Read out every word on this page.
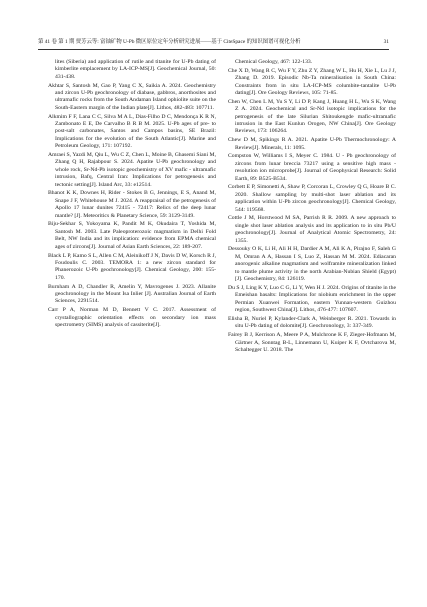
第 41 卷 第 1 期 贾芳云等: 富铀矿物 U-Pb 微区原位定年分析研究进展——基于 CiteSpace 的知识图谱可视化分析	31

lites (Siberia) and application of rutile and titanite for U-Pb dating of kimberlite emplacement by LA-ICP-MS[J]. Geochemical Journal, 50: 431-438.

Akhtar S, Santosh M, Gao P, Yang C X, Saikia A. 2024. Geochemistry and zircon U-Pb geochronology of diabase, gabbros, anorthosites and ultramafic rocks from the South Andaman Island ophiolite suite on the South-Eastern margin of the Indian plate[J]. Lithos, 482-483: 107711.

Alkmim F F, Lana C C, Silva M A L, Dias-Filho D C, Mendonça K R N, Zambonato E E, De Carvalho B R B M. 2025. U-Pb ages of pre- to post-salt carbonates, Santos and Campos basins, SE Brazil: Implications for the evolution of the South Atlantic[J]. Marine and Petroleum Geology, 171: 107192.

Amraei S, Yazdi M, Qiu L, Wu C Z, Chen L, Moine B, Ghasemi Siani M, Zhang Q H, Rajabpour S. 2024. Apatite U-Pb geochronology and whole rock, Sr-Nd-Pb isotopic geochemistry of XV mafic - ultramafic intrusion, Bafq, Central Iran: Implications for petrogenesis and tectonic setting[J]. Island Arc, 33: e12514.

Bhanot K K, Downes H, Rider - Stokes B G, Jennings, E S, Anand M, Snape J F, Whitehouse M J. 2024. A reappraisal of the petrogenesis of Apollo 17 lunar dunites 72415 - 72417: Relics of the deep lunar mantle? [J]. Meteoritics & Planetary Science, 59: 3129-3149.

Biju-Sekhar S, Yokoyama K, Pandit M K, Okudaira T, Yoshida M, Santosh M. 2003. Late Paleoproterozoic magmatism in Delhi Fold Belt, NW India and its implication: evidence from EPMA chemical ages of zircons[J]. Journal of Asian Earth Sciences, 22: 189-207.

Black L P, Kamo S L, Allen C M, Aleinikoff J N, Davis D W, Korsch R J, Foudoulis C. 2003. TEMORA 1: a new zircon standard for Phanerozoic U-Pb geochronology[J]. Chemical Geology, 200: 155-170.

Burnham A D, Chandler R, Amelin Y, Mavrogenes J. 2023. Allanite geochronology in the Mount Isa Inlier [J]. Australian Journal of Earth Sciences, 2291514.

Carr P A, Norman M D, Bennett V C. 2017. Assessment of crystallographic orientation effects on secondary ion mass spectrometry (SIMS) analysis of cassiterite[J].

Chemical Geology, 467: 122-133.

Che X D, Wang R C, Wu F Y, Zhu Z Y, Zhang W L, Hu H, Xie L, Lu J J, Zhang D. 2019. Episodic Nb-Ta mineralisation in South China: Constraints from in situ LA-ICP-MS columbite-tantalite U-Pb dating[J]. Ore Geology Reviews, 105: 71-85.

Chen W, Chen L M, Yu S Y, Li D P, Kang J, Huang H L, Wu S K, Wang Z A. 2024. Geochemical and Sr-Nd isotopic implications for the petrogenesis of the late Silurian Shitoukengde mafic-ultramafic intrusion in the East Kunlun Orogen, NW China[J]. Ore Geology Reviews, 173: 106264.

Chew D M, Spikings R A. 2021. Apatite U-Pb Thermochronology: A Review[J]. Minerals, 11: 1095.

Compston W, Williams I S, Meyer C. 1984. U - Pb geochronology of zircons from lunar breccia 73217 using a sensitive high mass - resolution ion microprobe[J]. Journal of Geophysical Research: Solid Earth, 89: B525-B534.

Corbett E P, Simonetti A, Shaw P, Corcoran L, Crowley Q G, Hoare B C. 2020. Shallow sampling by multi-shot laser ablation and its application within U-Pb zircon geochronology[J]. Chemical Geology, 544: 119568.

Cottle J M, Horstwood M SA, Parrish R R. 2009. A new approach to single shot laser ablation analysis and its application to in situ Pb/U geochronology[J]. Journal of Analytical Atomic Spectrometry, 24: 1355.

Dessouky O K, Li H, Ali H H, Dardier A M, Ali K A, Pirajno F, Saleh G M, Omran A A, Hassan I S, Luo Z, Hassan M M. 2024. Ediacaran anorogenic alkaline magmatism and wolframite mineralization linked to mantle plume activity in the north Arabian-Nubian Shield (Egypt)[J]. Geochemistry, 84: 126119.

Du S J, Ling K Y, Luo C G, Li Y, Wen H J. 2024. Origins of titanite in the Emeishan basalts: Implications for niobium enrichment in the upper Permian Xuanwei Formation, eastern Yunnan-western Guizhou region, Southwest China[J]. Lithos, 476-477: 107607.

Elisha B, Nuriel P, Kylander-Clark A, Weinberger R. 2021. Towards in situ U-Pb dating of dolomite[J]. Geochronology, 3: 337-349.

Fairey B J, Kerrison A, Meere P A, Mulchrone K F, Zieger-Hofmann M, Gärtner A, Sonntag B-L, Linnemann U, Kuiper K F, Ovtcharova M, Schaltegger U. 2018. The
